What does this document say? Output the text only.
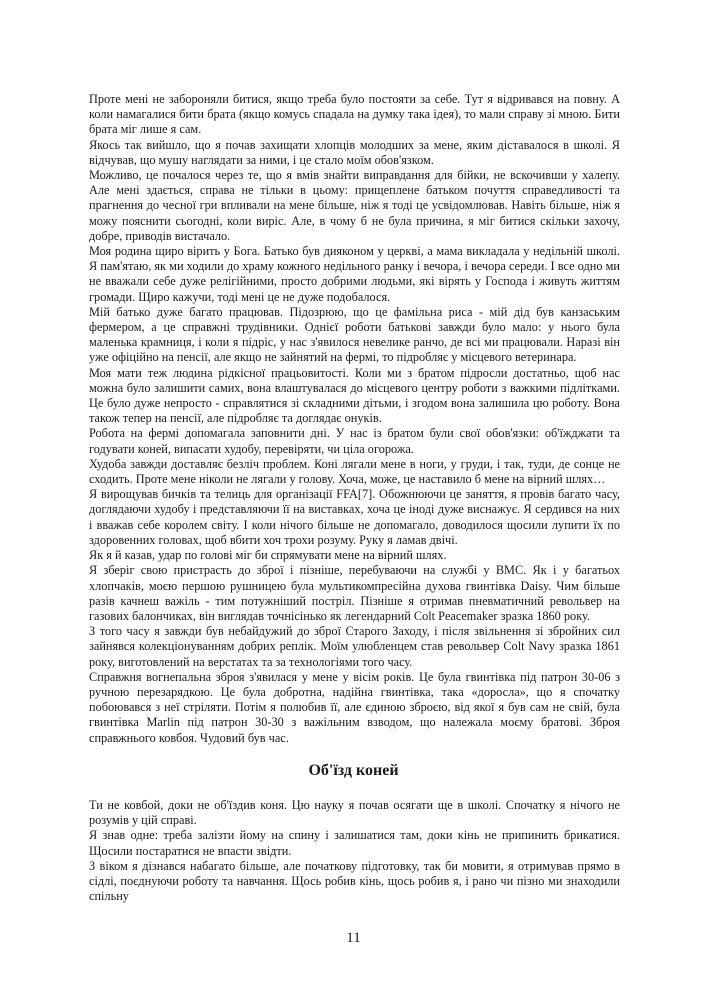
Проте мені не забороняли битися, якщо треба було постояти за себе. Тут я відривався на повну. А коли намагалися бити брата (якщо комусь спадала на думку така ідея), то мали справу зі мною. Бити брата міг лише я сам.

Якось так вийшло, що я почав захищати хлопців молодших за мене, яким діставалося в школі. Я відчував, що мушу наглядати за ними, і це стало моїм обов'язком.

Можливо, це почалося через те, що я вмів знайти виправдання для бійки, не вскочивши у халепу. Але мені здається, справа не тільки в цьому: прищеплене батьком почуття справедливості та прагнення до чесної гри впливали на мене більше, ніж я тоді це усвідомлював. Навіть більше, ніж я можу пояснити сьогодні, коли виріс. Але, в чому б не була причина, я міг битися скільки захочу, добре, приводів вистачало.

Моя родина щиро вірить у Бога. Батько був дияконом у церкві, а мама викладала у недільній школі. Я пам'ятаю, як ми ходили до храму кожного недільного ранку і вечора, і вечора середи. І все одно ми не вважали себе дуже релігійними, просто добрими людьми, які вірять у Господа і живуть життям громади. Щиро кажучи, тоді мені це не дуже подобалося.

Мій батько дуже багато працював. Підозрюю, що це фамільна риса - мій дід був канзаським фермером, а це справжні трудівники. Однієї роботи батькові завжди було мало: у нього була маленька крамниця, і коли я підріс, у нас з'явилося невелике ранчо, де всі ми працювали. Наразі він уже офіційно на пенсії, але якщо не зайнятий на фермі, то підробляє у місцевого ветеринара.

Моя мати теж людина рідкісної працьовитості. Коли ми з братом підросли достатньо, щоб нас можна було залишити самих, вона влаштувалася до місцевого центру роботи з важкими підлітками. Це було дуже непросто - справлятися зі складними дітьми, і згодом вона залишила цю роботу. Вона також тепер на пенсії, але підробляє та доглядає онуків.

Робота на фермі допомагала заповнити дні. У нас із братом були свої обов'язки: об'їжджати та годувати коней, випасати худобу, перевіряти, чи ціла огорожа.

Худоба завжди доставляє безліч проблем. Коні лягали мене в ноги, у груди, і так, туди, де сонце не сходить. Проте мене ніколи не лягали у голову. Хоча, може, це наставило б мене на вірний шлях…

Я вирощував бичків та телиць для організації FFA[7]. Обожнюючи це заняття, я провів багато часу, доглядаючи худобу і представляючи її на виставках, хоча це іноді дуже виснажує. Я сердився на них і вважав себе королем світу. І коли нічого більше не допомагало, доводилося щосили лупити їх по здоровенних головах, щоб вбити хоч трохи розуму. Руку я ламав двічі.

Як я й казав, удар по голові міг би спрямувати мене на вірний шлях.

Я зберіг свою пристрасть до зброї і пізніше, перебуваючи на службі у ВМС. Як і у багатьох хлопчаків, моєю першою рушницею була мультикомпресійна духова гвинтівка Daisy. Чим більше разів качнеш важіль - тим потужніший постріл. Пізніше я отримав пневматичний револьвер на газових балончиках, він виглядав точнісінько як легендарний Colt Peacemaker зразка 1860 року.

З того часу я завжди був небайдужий до зброї Старого Заходу, і після звільнення зі збройних сил зайнявся колекціонуванням добрих реплік. Моїм улюбленцем став револьвер Colt Navy зразка 1861 року, виготовлений на верстатах та за технологіями того часу.

Справжня вогнепальна зброя з'явилася у мене у вісім років. Це була гвинтівка під патрон 30-06 з ручною перезарядкою. Це була добротна, надійна гвинтівка, така «доросла», що я спочатку побоювався з неї стріляти. Потім я полюбив її, але єдиною зброєю, від якої я був сам не свій, була гвинтівка Marlin під патрон 30-30 з важільним взводом, що належала моєму братові. Зброя справжнього ковбоя. Чудовий був час.

Об'їзд коней

Ти не ковбой, доки не об'їздив коня. Цю науку я почав осягати ще в школі. Спочатку я нічого не розумів у цій справі.

Я знав одне: треба залізти йому на спину і залишатися там, доки кінь не припинить брикатися. Щосили постаратися не впасти звідти.

З віком я дізнався набагато більше, але початкову підготовку, так би мовити, я отримував прямо в сідлі, поєднуючи роботу та навчання. Щось робив кінь, щось робив я, і рано чи пізно ми знаходили спільну

11
